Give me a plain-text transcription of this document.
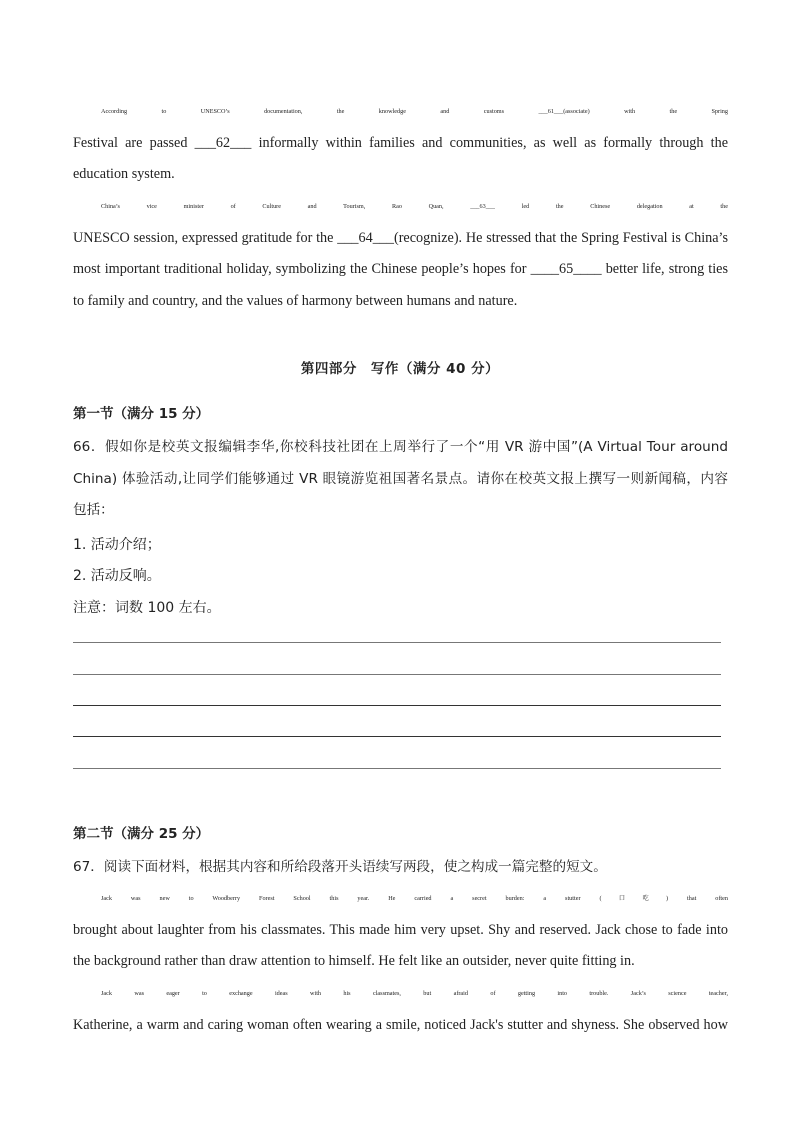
According to UNESCO’s documentation, the knowledge and customs ___61___(associate) with the Spring
Festival are passed ___62___ informally within families and communities, as well as formally through the
education system.
China’s vice minister of Culture and Tourism, Rao Quan, ___63___ led the Chinese delegation at the
UNESCO session, expressed gratitude for the ___64___(recognize). He stressed that the Spring Festival is China’s
most important traditional holiday, symbolizing the Chinese people’s hopes for ____65____ better life, strong ties
to family and country, and the values of harmony between humans and nature.
第四部分　写作（满分 40 分）
第一节（满分 15 分）
66．假如你是校英文报编辑李华,你校科技社团在上周举行了一个“用 VR 游中国”(A Virtual Tour around
China) 体验活动,让同学们能够通过 VR 眼镜游览祖国著名景点。请你在校英文报上撰写一则新闻稿，内容
包括：
1. 活动介绍；
2. 活动反响。
注意：词数 100 左右。
第二节（满分 25 分）
67．阅读下面材料，根据其内容和所给段落开头语续写两段，使之构成一篇完整的短文。
Jack was new to Woodberry Forest School this year. He carried a secret burden: a stutter (口吃) that often
brought about laughter from his classmates. This made him very upset. Shy and reserved. Jack chose to fade into
the background rather than draw attention to himself. He felt like an outsider, never quite fitting in.
Jack was eager to exchange ideas with his classmates, but afraid of getting into trouble. Jack’s science teacher,
Katherine, a warm and caring woman often wearing a smile, noticed Jack's stutter and shyness. She observed how
